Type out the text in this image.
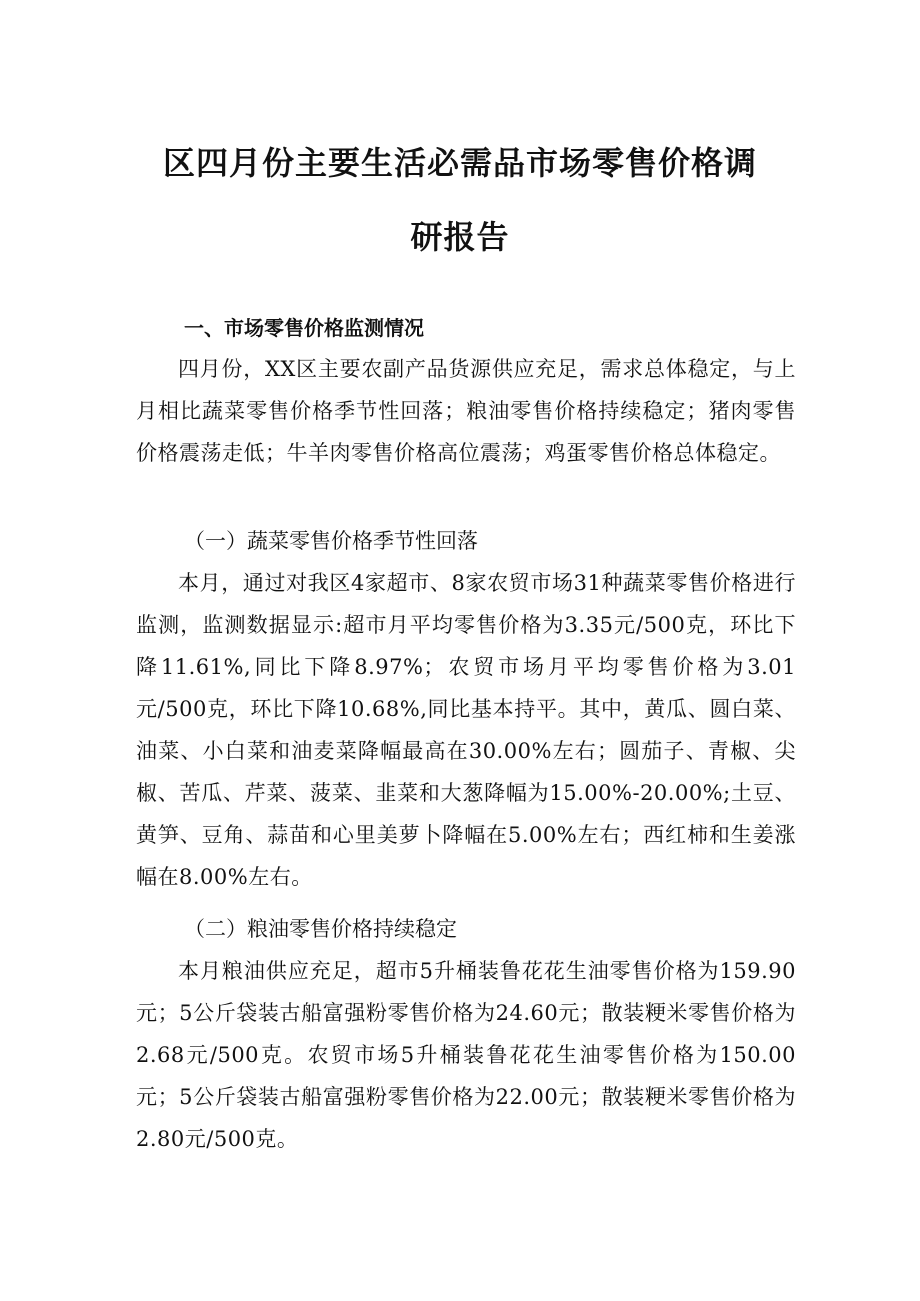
区四月份主要生活必需品市场零售价格调
研报告
一、市场零售价格监测情况
四月份，XX区主要农副产品货源供应充足，需求总体稳定，与上月相比蔬菜零售价格季节性回落；粮油零售价格持续稳定；猪肉零售价格震荡走低；牛羊肉零售价格高位震荡；鸡蛋零售价格总体稳定。
（一）蔬菜零售价格季节性回落
本月，通过对我区4家超市、8家农贸市场31种蔬菜零售价格进行监测，监测数据显示:超市月平均零售价格为3.35元/500克，环比下降11.61%,同比下降8.97%；农贸市场月平均零售价格为3.01元/500克，环比下降10.68%,同比基本持平。其中，黄瓜、圆白菜、油菜、小白菜和油麦菜降幅最高在30.00%左右；圆茄子、青椒、尖椒、苦瓜、芹菜、菠菜、韭菜和大葱降幅为15.00%-20.00%;土豆、黄笋、豆角、蒜苗和心里美萝卜降幅在5.00%左右；西红柿和生姜涨幅在8.00%左右。
（二）粮油零售价格持续稳定
本月粮油供应充足，超市5升桶装鲁花花生油零售价格为159.90元；5公斤袋装古船富强粉零售价格为24.60元；散装粳米零售价格为2.68元/500克。农贸市场5升桶装鲁花花生油零售价格为150.00元；5公斤袋装古船富强粉零售价格为22.00元；散装粳米零售价格为2.80元/500克。
